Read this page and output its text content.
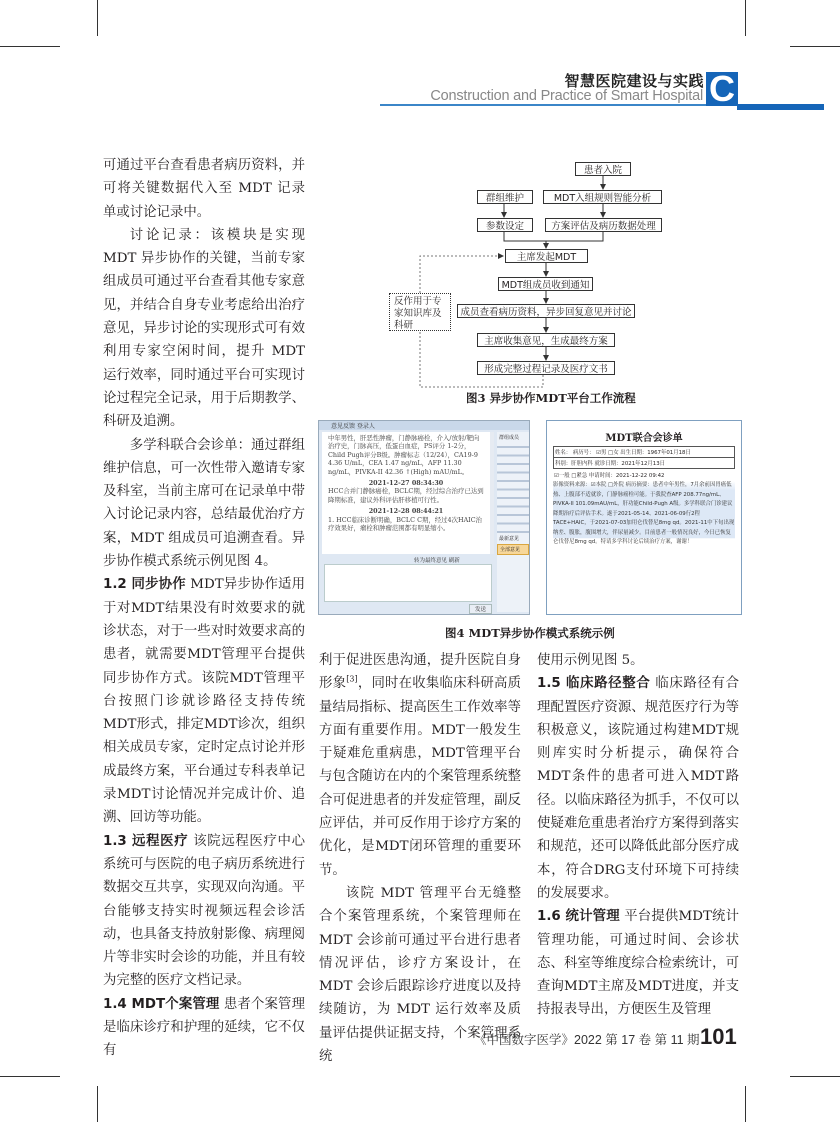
智慧医院建设与实践
Construction and Practice of Smart Hospital C

可通过平台查看患者病历资料，并可将关键数据代入至 MDT 记录单或讨论记录中。

讨论记录：该模块是实现 MDT 异步协作的关键，当前专家组成员可通过平台查看其他专家意见，并结合自身专业考虑给出治疗意见，异步讨论的实现形式可有效利用专家空闲时间，提升 MDT 运行效率，同时通过平台可实现讨论过程完全记录，用于后期教学、科研及追溯。

多学科联合会诊单：通过群组维护信息，可一次性带入邀请专家及科室，当前主席可在记录单中带入讨论记录内容，总结最优治疗方案，MDT 组成员可追溯查看。异步协作模式系统示例见图 4。

1.2 同步协作 MDT异步协作适用于对MDT结果没有时效要求的就诊状态，对于一些对时效要求高的患者，就需要MDT管理平台提供同步协作方式。该院MDT管理平台按照门诊就诊路径支持传统MDT形式，排定MDT诊次，组织相关成员专家，定时定点讨论并形成最终方案，平台通过专科表单记录MDT讨论情况并完成计价、追溯、回访等功能。

1.3 远程医疗 该院远程医疗中心系统可与医院的电子病历系统进行数据交互共享，实现双向沟通。平台能够支持实时视频远程会诊活动，也具备支持放射影像、病理阅片等非实时会诊的功能，并且有较为完整的医疗文档记录。

1.4 MDT个案管理 患者个案管理是临床诊疗和护理的延续，它不仅有

患者入院
群组维护	MDT入组规则智能分析
参数设定	方案评估及病历数据处理
主席发起MDT
MDT组成员收到通知
成员查看病历资料，异步回复意见并讨论
主席收集意见，生成最终方案
形成完整过程记录及医疗文书
反作用于专家知识库及科研
图3 异步协作MDT平台工作流程
意见反馈 登录人
中年男性，肝恶性肿瘤，门静脉癌栓，介入/放射/靶向治疗史，门脉高压，低蛋白血症，PS评分 1-2分，Child Pugh评分B级。肿瘤标志（12/24），CA19-9 4.36 U/mL，CEA 1.47 ng/mL，AFP 11.30 ng/mL，PIVKA-II 42.36 ↑(High) mAU/mL。
2021-12-27 08:34:30
HCC合并门静脉癌栓，BCLC期，经过综合治疗已达到降期标准，建议外科评估肝移植可行性。
2021-12-28 08:44:21
1. HCC临床诊断明确，BCLC C期，经过4次HAIC治疗效果好，瘤栓和肿瘤范围都有明显缩小。
转为最终意见 刷新
发送
群组成员
最新意见
全部意见
MDT联合会诊单
姓名： 病历号： ☑男 □女 出生日期：1967年01月18日
科别：肝胆内科 就诊日期：2021年12月13日
☑一般 □紧急 申请时间：2021-12-22 09:42
影像资料来源：☑本院 □外院 病历摘要：患者中年男性，7月余前因胃癌低热、上腹部不适就诊，门静脉癌栓可能。于我院查AFP 208.77ng/mL、PIVKA-II 101.09mAU/mL，肝功能Child-Pugh A级。多学科联合门诊建议降期治疗后评估手术。遂于2021-05-14、2021-06-09行2程TACE+HAIC，于2021-07-03加用仑伐替尼8mg qd。2021-11中下旬出现纳差、腹胀，腹围增大，伴尿量减少。目前患者一般情况良好，今日已恢复仑伐替尼8mg qd。特请多学科讨论后续治疗方案，谢谢！
图4 MDT异步协作模式系统示例

利于促进医患沟通，提升医院自身形象[3]，同时在收集临床科研高质量结局指标、提高医生工作效率等方面有重要作用。MDT一般发生于疑难危重病患，MDT管理平台与包含随访在内的个案管理系统整合可促进患者的并发症管理，副反应评估，并可反作用于诊疗方案的优化，是MDT闭环管理的重要环节。

该院 MDT 管理平台无缝整合个案管理系统，个案管理师在 MDT 会诊前可通过平台进行患者情况评估，诊疗方案设计，在 MDT 会诊后跟踪诊疗进度以及持续随访，为 MDT 运行效率及质量评估提供证据支持，个案管理系统

使用示例见图 5。

1.5 临床路径整合 临床路径有合理配置医疗资源、规范医疗行为等积极意义，该院通过构建MDT规则库实时分析提示，确保符合MDT条件的患者可进入MDT路径。以临床路径为抓手，不仅可以使疑难危重患者治疗方案得到落实和规范，还可以降低此部分医疗成本，符合DRG支付环境下可持续的发展要求。

1.6 统计管理 平台提供MDT统计管理功能，可通过时间、会诊状态、科室等维度综合检索统计，可查询MDT主席及MDT进度，并支持报表导出，方便医生及管理

《中国数字医学》2022 第 17 卷 第 11 期 101
